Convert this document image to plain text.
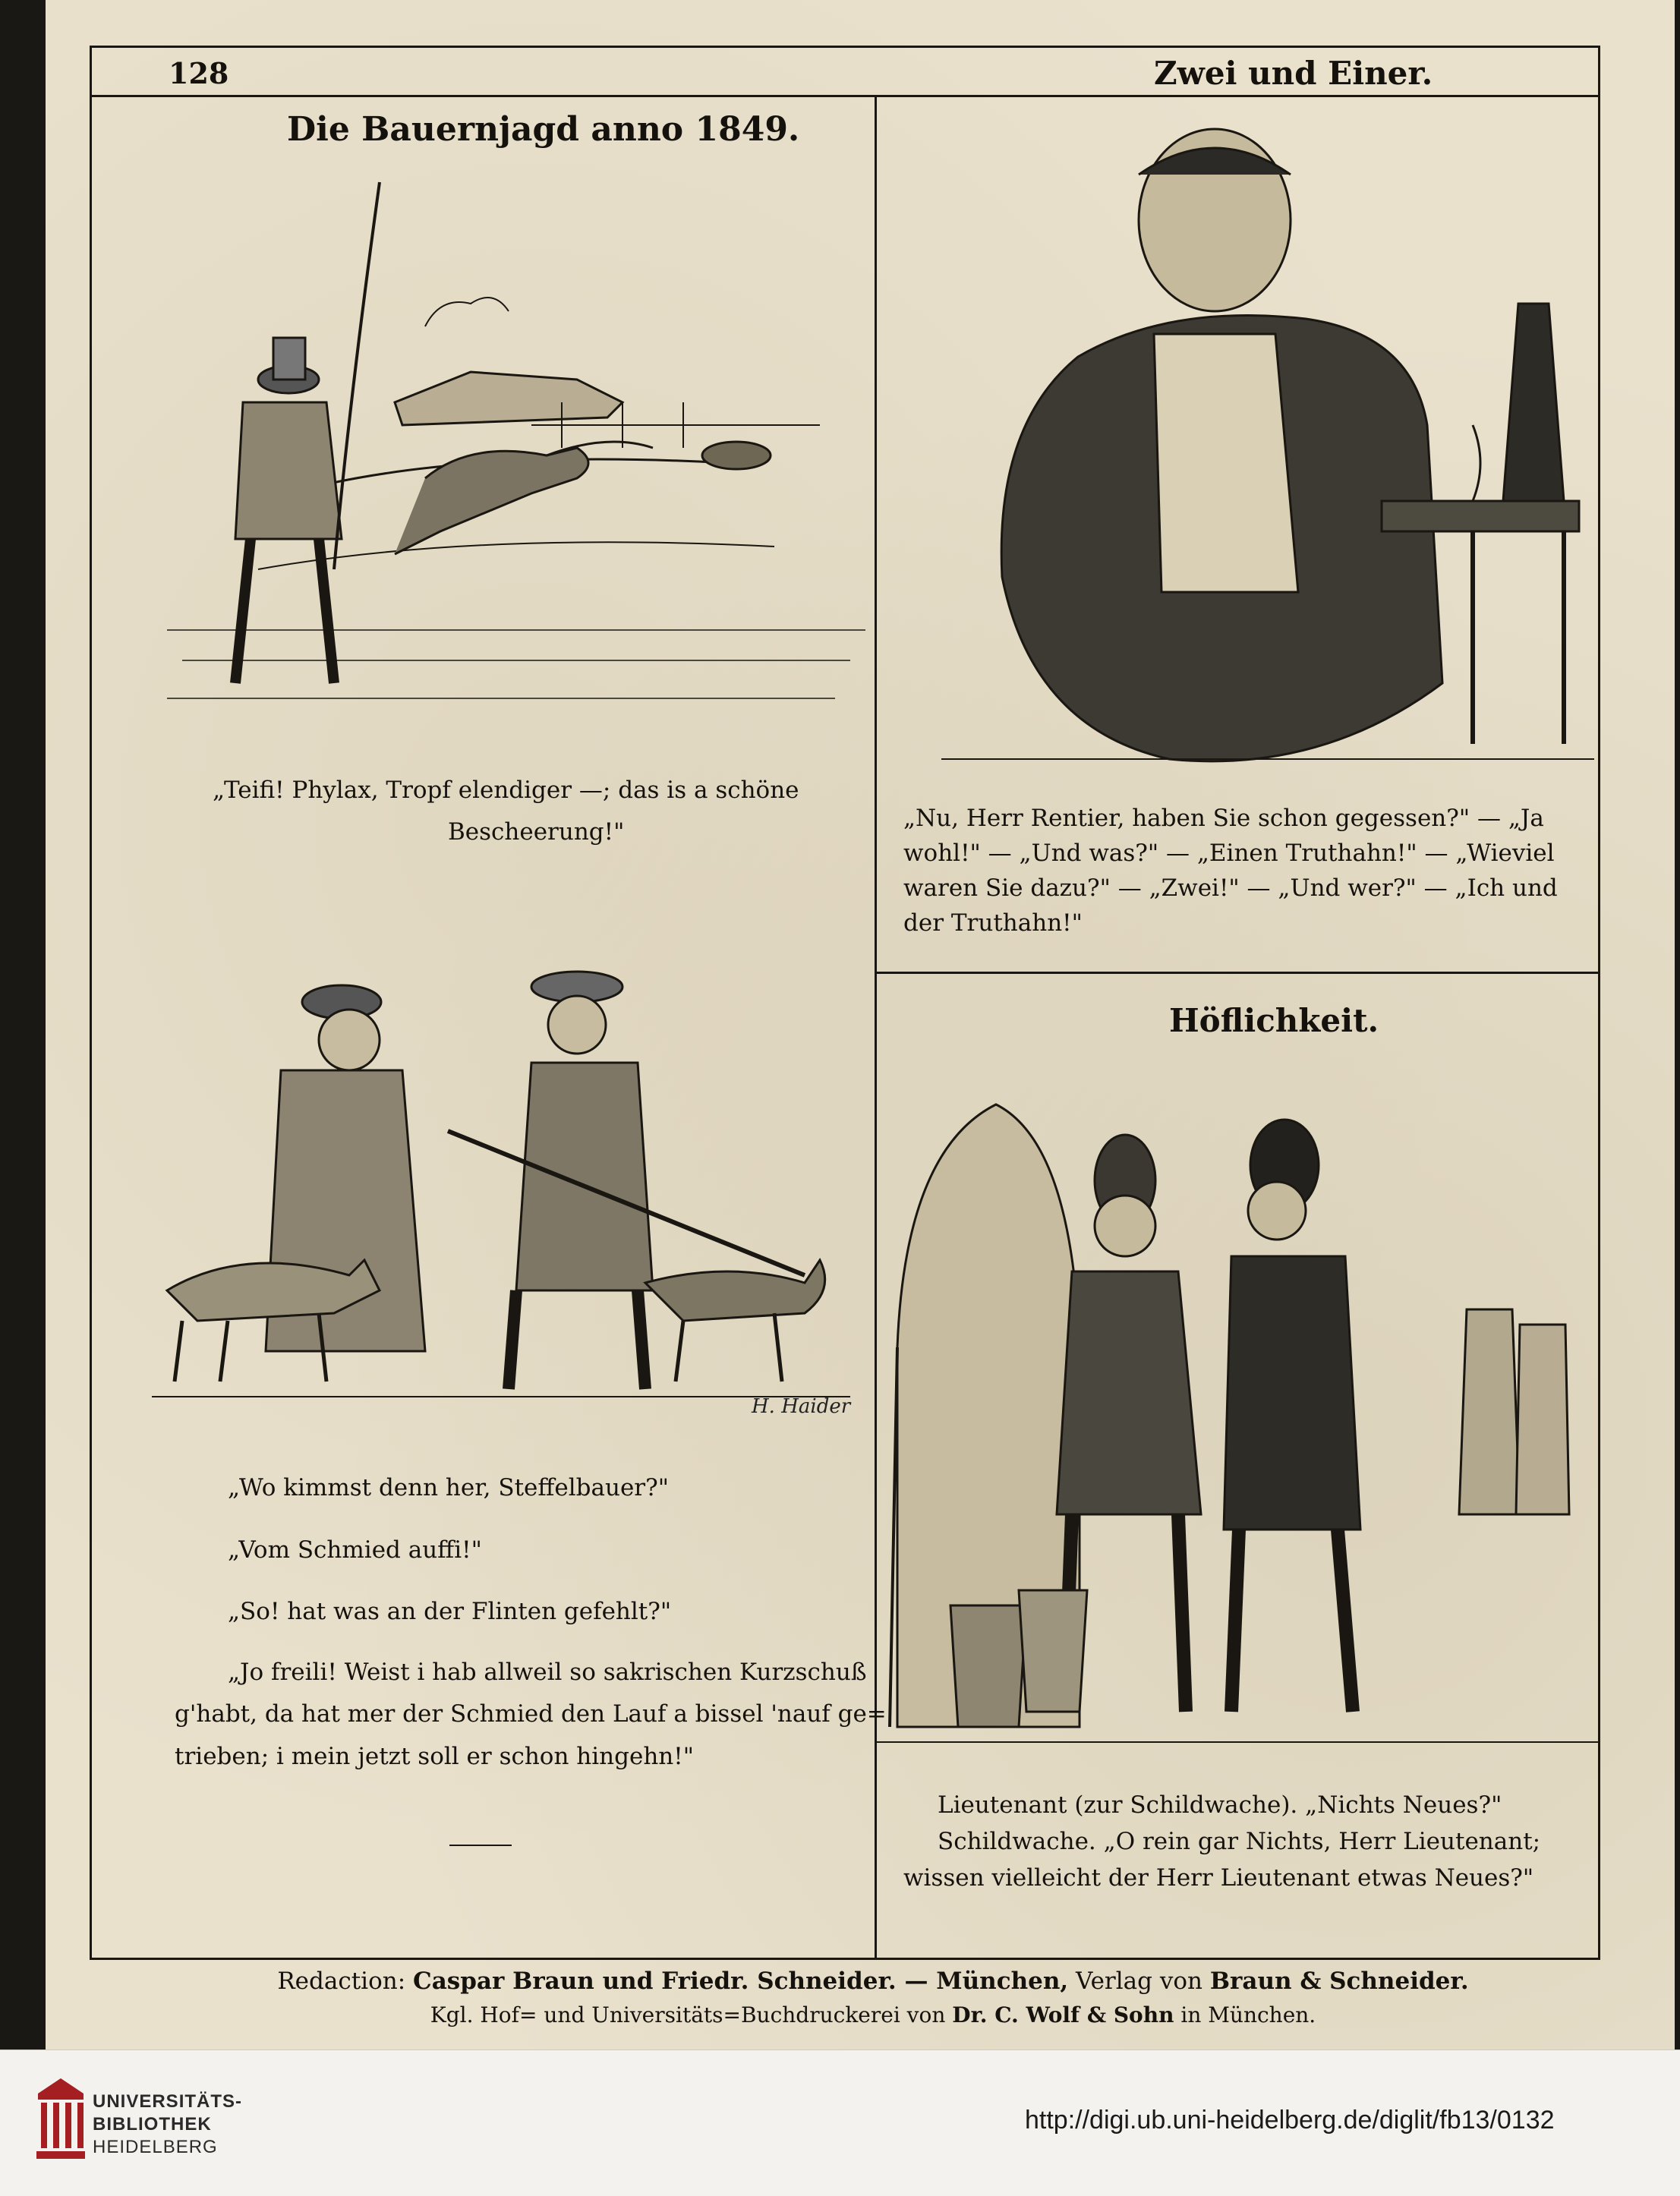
128	Zwei und Einer.
Die Bauernjagd anno 1849.
„Teifi! Phylax, Tropf elendiger —; das is a schöne
Bescheerung!"
H. Haider
„Wo kimmst denn her, Steffelbauer?"
„Vom Schmied auffi!"
„So! hat was an der Flinten gefehlt?"
„Jo freili! Weist i hab allweil so sakrischen Kurzschuß
g'habt, da hat mer der Schmied den Lauf a bissel 'nauf ge=
trieben; i mein jetzt soll er schon hingehn!"
„Nu, Herr Rentier, haben Sie schon gegessen?" — „Ja
wohl!" — „Und was?" — „Einen Truthahn!" — „Wieviel
waren Sie dazu?" — „Zwei!" — „Und wer?" — „Ich und
der Truthahn!"
Höflichkeit.
Lieutenant (zur Schildwache). „Nichts Neues?"
Schildwache. „O rein gar Nichts, Herr Lieutenant;
wissen vielleicht der Herr Lieutenant etwas Neues?"
Redaction: Caspar Braun und Friedr. Schneider. — München, Verlag von Braun & Schneider.
Kgl. Hof= und Universitäts=Buchdruckerei von Dr. C. Wolf & Sohn in München.
UNIVERSITÄTS-
BIBLIOTHEK
HEIDELBERG
http://digi.ub.uni-heidelberg.de/diglit/fb13/0132
